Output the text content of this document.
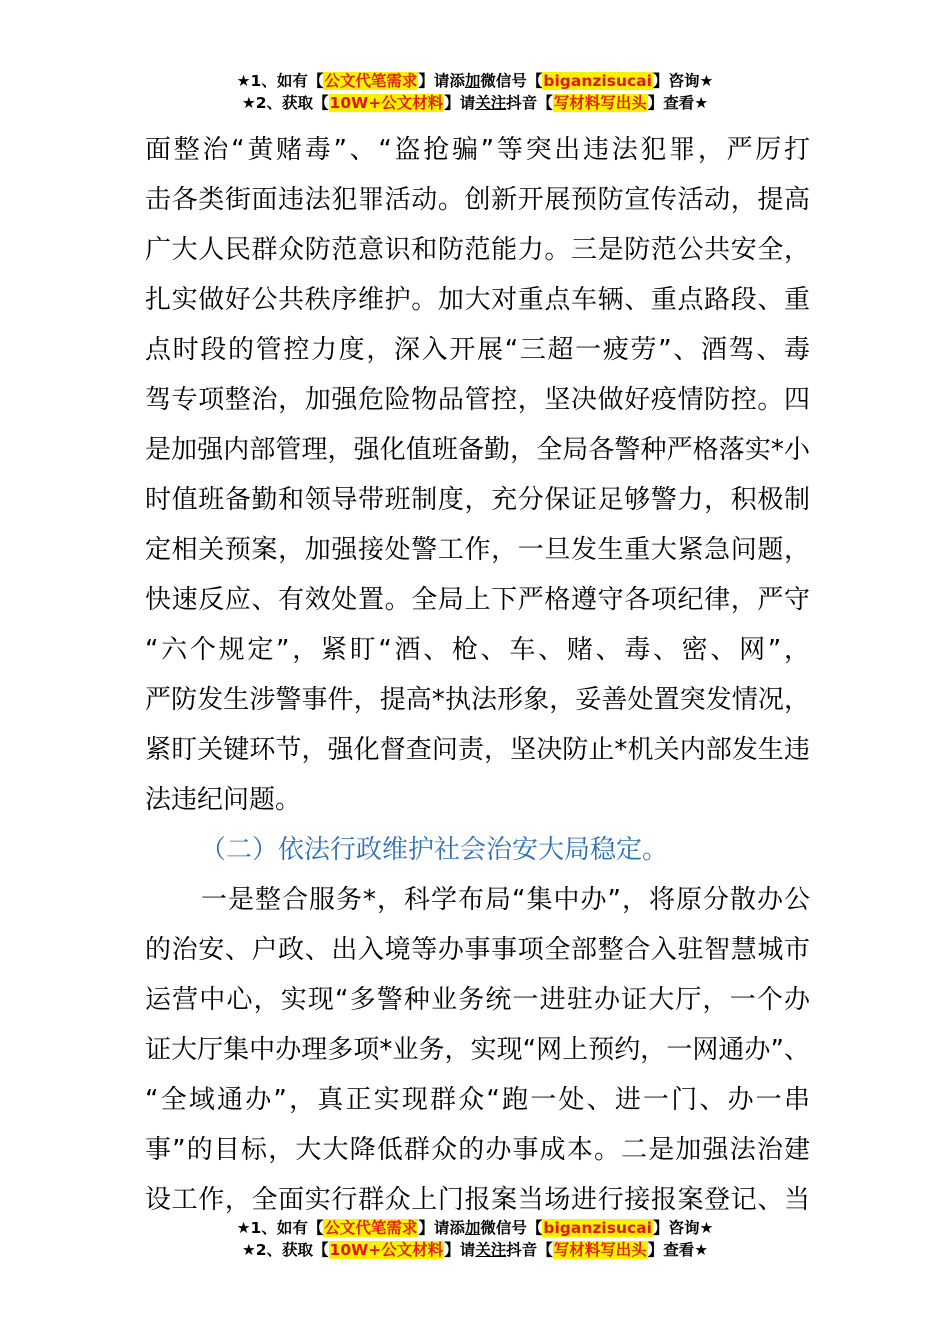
★1、如有【公文代笔需求】请添加微信号【biganzisucai】咨询★
★2、获取【10W+公文材料】请关注抖音【写材料写出头】查看★
面整治“黄赌毒”、“盗抢骗”等突出违法犯罪，严厉打
击各类街面违法犯罪活动。创新开展预防宣传活动，提高
广大人民群众防范意识和防范能力。三是防范公共安全，
扎实做好公共秩序维护。加大对重点车辆、重点路段、重
点时段的管控力度，深入开展“三超一疲劳”、酒驾、毒
驾专项整治，加强危险物品管控，坚决做好疫情防控。四
是加强内部管理，强化值班备勤，全局各警种严格落实*小
时值班备勤和领导带班制度，充分保证足够警力，积极制
定相关预案，加强接处警工作，一旦发生重大紧急问题，
快速反应、有效处置。全局上下严格遵守各项纪律，严守
“六个规定”，紧盯“酒、枪、车、赌、毒、密、网”，
严防发生涉警事件，提高*执法形象，妥善处置突发情况，
紧盯关键环节，强化督查问责，坚决防止*机关内部发生违
法违纪问题。
（二）依法行政维护社会治安大局稳定。
一是整合服务*，科学布局“集中办”，将原分散办公
的治安、户政、出入境等办事事项全部整合入驻智慧城市
运营中心，实现“多警种业务统一进驻办证大厅，一个办
证大厅集中办理多项*业务，实现“网上预约，一网通办”、
“全域通办”，真正实现群众“跑一处、进一门、办一串
事”的目标，大大降低群众的办事成本。二是加强法治建
设工作，全面实行群众上门报案当场进行接报案登记、当
★1、如有【公文代笔需求】请添加微信号【biganzisucai】咨询★
★2、获取【10W+公文材料】请关注抖音【写材料写出头】查看★
